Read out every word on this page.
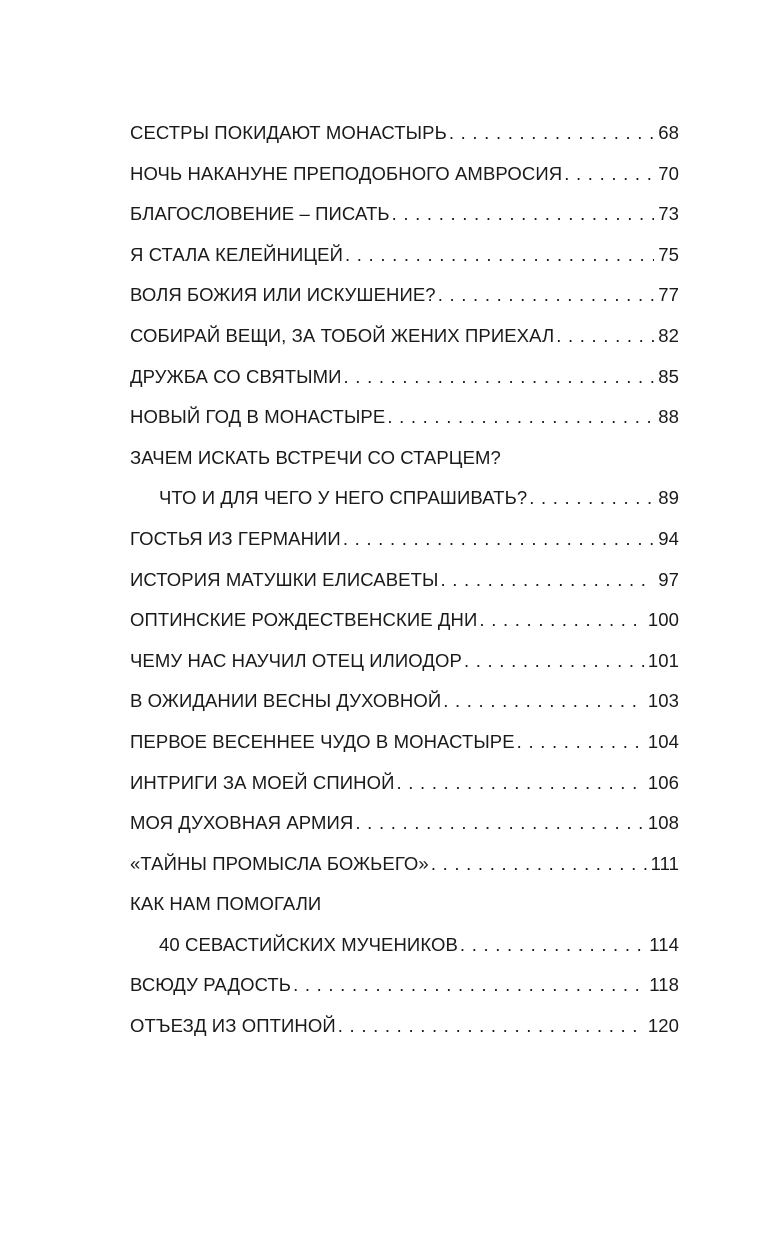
СЕСТРЫ ПОКИДАЮТ МОНАСТЫРЬ . . .	68
НОЧЬ НАКАНУНЕ ПРЕПОДОБНОГО АМВРОСИЯ . . .	70
БЛАГОСЛОВЕНИЕ – ПИСАТЬ . . .	73
Я СТАЛА КЕЛЕЙНИЦЕЙ . . .	75
ВОЛЯ БОЖИЯ ИЛИ ИСКУШЕНИЕ? . . .	77
СОБИРАЙ ВЕЩИ, ЗА ТОБОЙ ЖЕНИХ ПРИЕХАЛ . . .	82
ДРУЖБА СО СВЯТЫМИ . . .	85
НОВЫЙ ГОД В МОНАСТЫРЕ . . .	88
ЗАЧЕМ ИСКАТЬ ВСТРЕЧИ СО СТАРЦЕМ?
ЧТО И ДЛЯ ЧЕГО У НЕГО СПРАШИВАТЬ? . . .	89
ГОСТЬЯ ИЗ ГЕРМАНИИ . . .	94
ИСТОРИЯ МАТУШКИ ЕЛИСАВЕТЫ . . .	97
ОПТИНСКИЕ РОЖДЕСТВЕНСКИЕ ДНИ . . .	100
ЧЕМУ НАС НАУЧИЛ ОТЕЦ ИЛИОДОР . . .	101
В ОЖИДАНИИ ВЕСНЫ ДУХОВНОЙ . . .	103
ПЕРВОЕ ВЕСЕННЕЕ ЧУДО В МОНАСТЫРЕ . . .	104
ИНТРИГИ ЗА МОЕЙ СПИНОЙ . . .	106
МОЯ ДУХОВНАЯ АРМИЯ . . .	108
«ТАЙНЫ ПРОМЫСЛА БОЖЬЕГО» . . .	111
КАК НАМ ПОМОГАЛИ
40 СЕВАСТИЙСКИХ МУЧЕНИКОВ . . .	114
ВСЮДУ РАДОСТЬ . . .	118
ОТЪЕЗД ИЗ ОПТИНОЙ . . .	120
